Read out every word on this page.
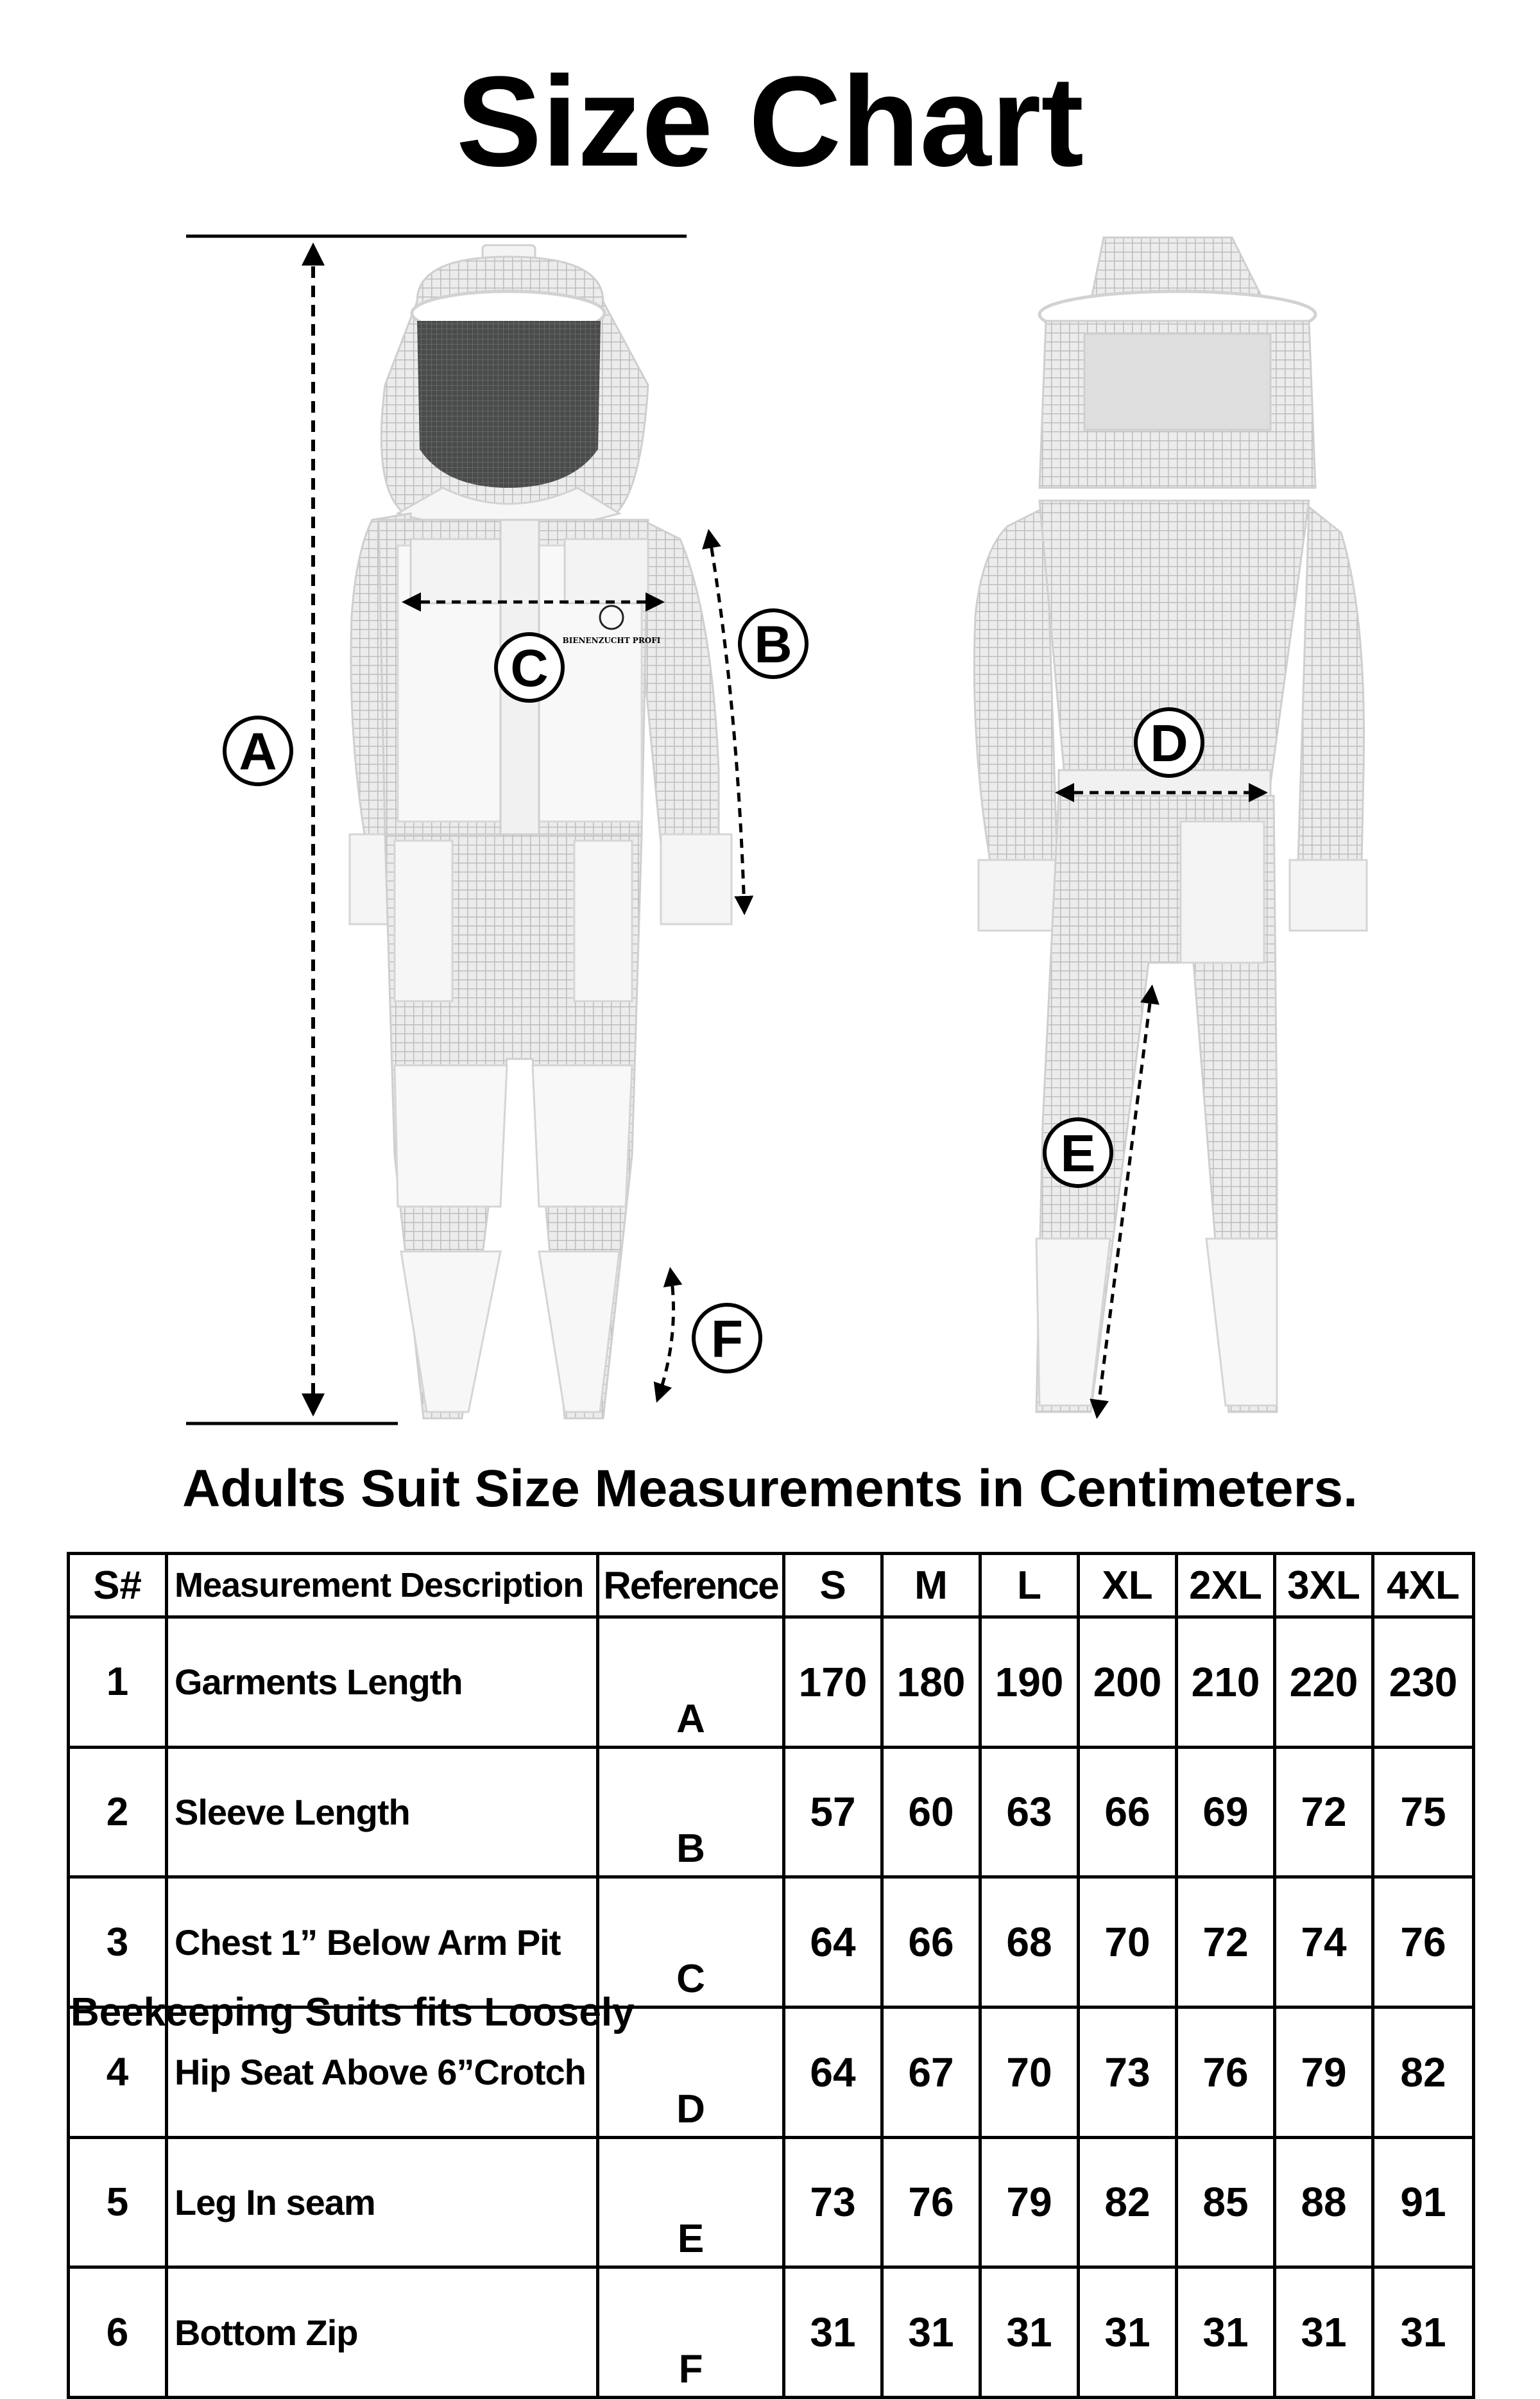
Size Chart
BIENENZUCHT PROFI
A
B
C
D
E
F
Adults Suit Size Measurements in Centimeters.
S#	Measurement Description	Reference	S	M	L	XL	2XL	3XL	4XL
1	Garments Length	A	170	180	190	200	210	220	230
2	Sleeve Length	B	57	60	63	66	69	72	75
3	Chest 1” Below Arm Pit	C	64	66	68	70	72	74	76
4	Hip Seat Above 6”Crotch	D	64	67	70	73	76	79	82
5	Leg In seam	E	73	76	79	82	85	88	91
6	Bottom Zip	F	31	31	31	31	31	31	31

Beekeeping Suits fits Loosely
